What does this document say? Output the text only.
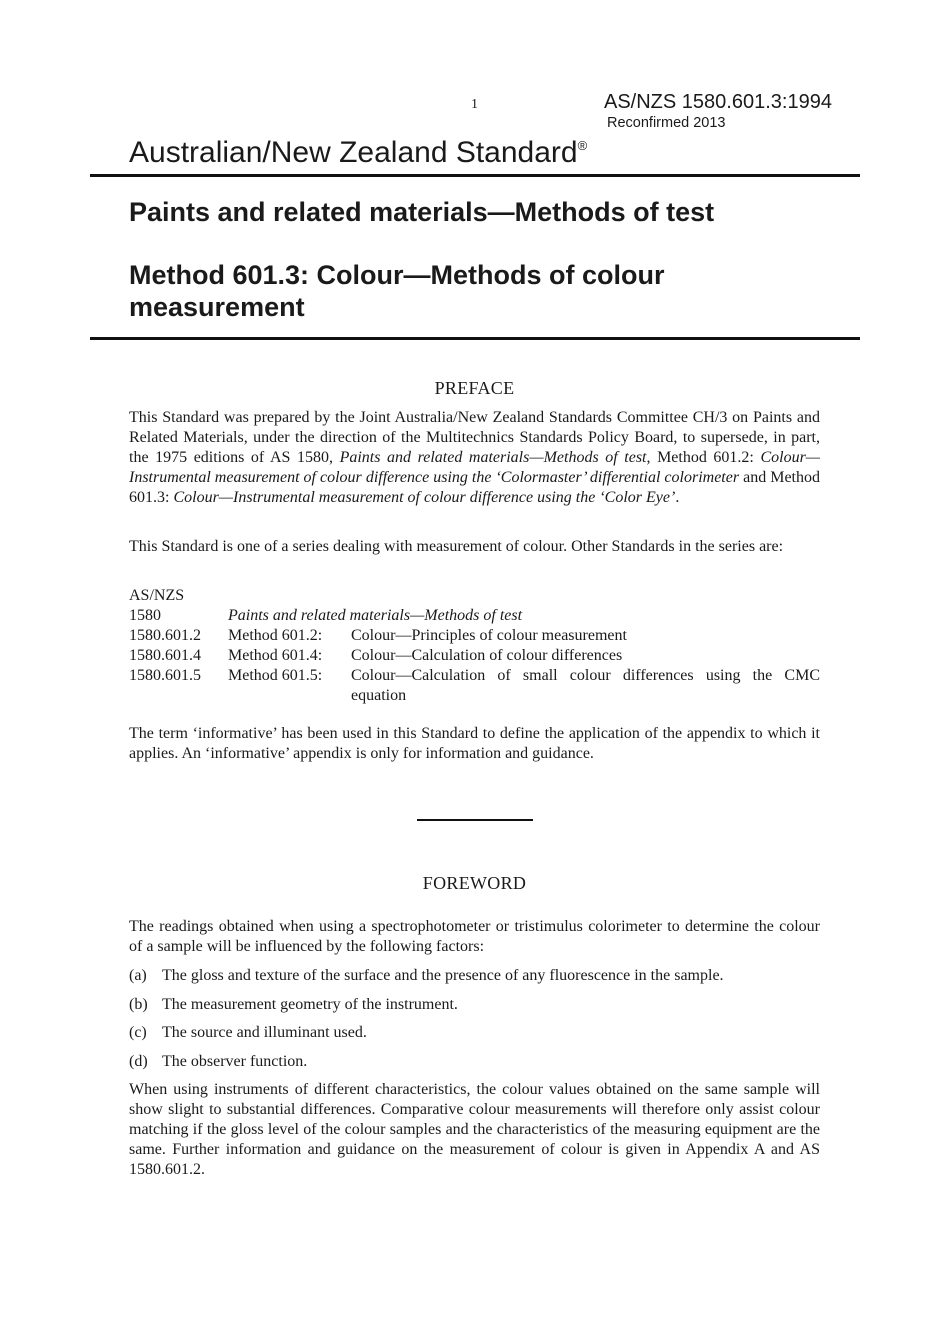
1	AS/NZS 1580.601.3:1994
Reconfirmed 2013
Australian/New Zealand Standard®
Paints and related materials—Methods of test
Method 601.3: Colour—Methods of colour measurement
PREFACE

This Standard was prepared by the Joint Australia/New Zealand Standards Committee CH/3 on Paints and Related Materials, under the direction of the Multitechnics Standards Policy Board, to supersede, in part, the 1975 editions of AS 1580, Paints and related materials—Methods of test, Method 601.2: Colour—Instrumental measurement of colour difference using the ‘Colormaster’ differential colorimeter and Method 601.3: Colour—Instrumental measurement of colour difference using the ‘Color Eye’.

This Standard is one of a series dealing with measurement of colour. Other Standards in the series are:

AS/NZS
1580	Paints and related materials—Methods of test
1580.601.2	Method 601.2:	Colour—Principles of colour measurement
1580.601.4	Method 601.4:	Colour—Calculation of colour differences
1580.601.5	Method 601.5:	Colour—Calculation of small colour differences using the CMC equation

The term ‘informative’ has been used in this Standard to define the application of the appendix to which it applies. An ‘informative’ appendix is only for information and guidance.

FOREWORD

The readings obtained when using a spectrophotometer or tristimulus colorimeter to determine the colour of a sample will be influenced by the following factors:

(a) The gloss and texture of the surface and the presence of any fluorescence in the sample.
(b) The measurement geometry of the instrument.
(c) The source and illuminant used.
(d) The observer function.

When using instruments of different characteristics, the colour values obtained on the same sample will show slight to substantial differences. Comparative colour measurements will therefore only assist colour matching if the gloss level of the colour samples and the characteristics of the measuring equipment are the same. Further information and guidance on the measurement of colour is given in Appendix A and AS 1580.601.2.
